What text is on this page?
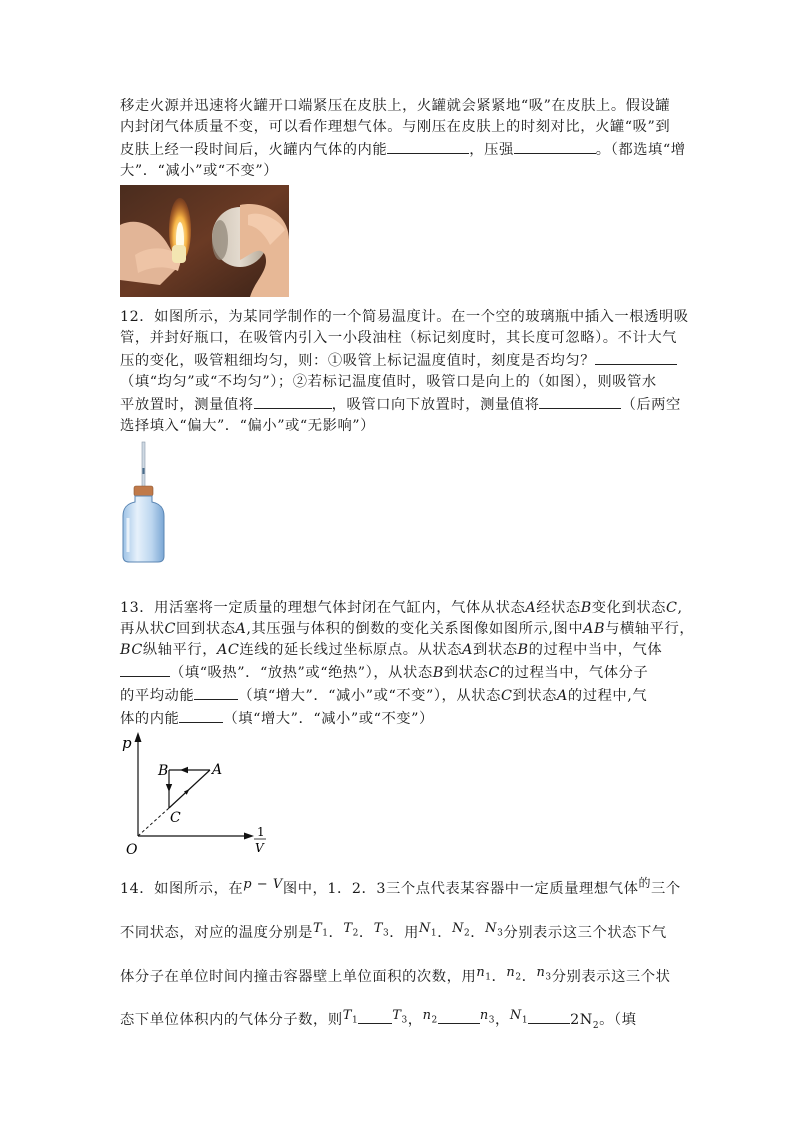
移走火源并迅速将火罐开口端紧压在皮肤上，火罐就会紧紧地“吸”在皮肤上。假设罐
内封闭气体质量不变，可以看作理想气体。与刚压在皮肤上的时刻对比，火罐“吸”到
皮肤上经一段时间后，火罐内气体的内能	，压强	。（都选填“增
大”．“减小”或“不变”）
12．如图所示，为某同学制作的一个简易温度计。在一个空的玻璃瓶中插入一根透明吸
管，并封好瓶口，在吸管内引入一小段油柱（标记刻度时，其长度可忽略）。不计大气
压的变化，吸管粗细均匀，则：①吸管上标记温度值时，刻度是否均匀？
（填“均匀”或“不均匀”）；②若标记温度值时，吸管口是向上的（如图），则吸管水
平放置时，测量值将	，吸管口向下放置时，测量值将	（后两空
选择填入“偏大”．“偏小”或“无影响”）
13．用活塞将一定质量的理想气体封闭在气缸内，气体从状态A经状态B变化到状态C,
再从状C回到状态A,其压强与体积的倒数的变化关系图像如图所示,图中AB与横轴平行，
BC纵轴平行，AC连线的延长线过坐标原点。从状态A到状态B的过程中当中，气体
（填“吸热”．“放热”或“绝热”），从状态B到状态C的过程当中，气体分子
的平均动能	（填“增大”．“减小”或“不变”），从状态C到状态A的过程中,气
体的内能	（填“增大”．“减小”或“不变”）
p
1
V
O
A
B
C
14．如图所示，在p − V图中，1．2．3三个点代表某容器中一定质量理想气体$^的$三个
不同状态，对应的温度分别是$T_1$．$T_2$．$T_3$．用$N_1$．$N_2$．$N_3$分别表示这三个状态下气
体分子在单位时间内撞击容器壁上单位面积的次数，用$n_1$．$n_2$．$n_3$分别表示这三个状
态下单位体积内的气体分子数，则$T_1$	$T_3$，$n_2$	$n_3$，$N_1$	$2N_2$。（填
